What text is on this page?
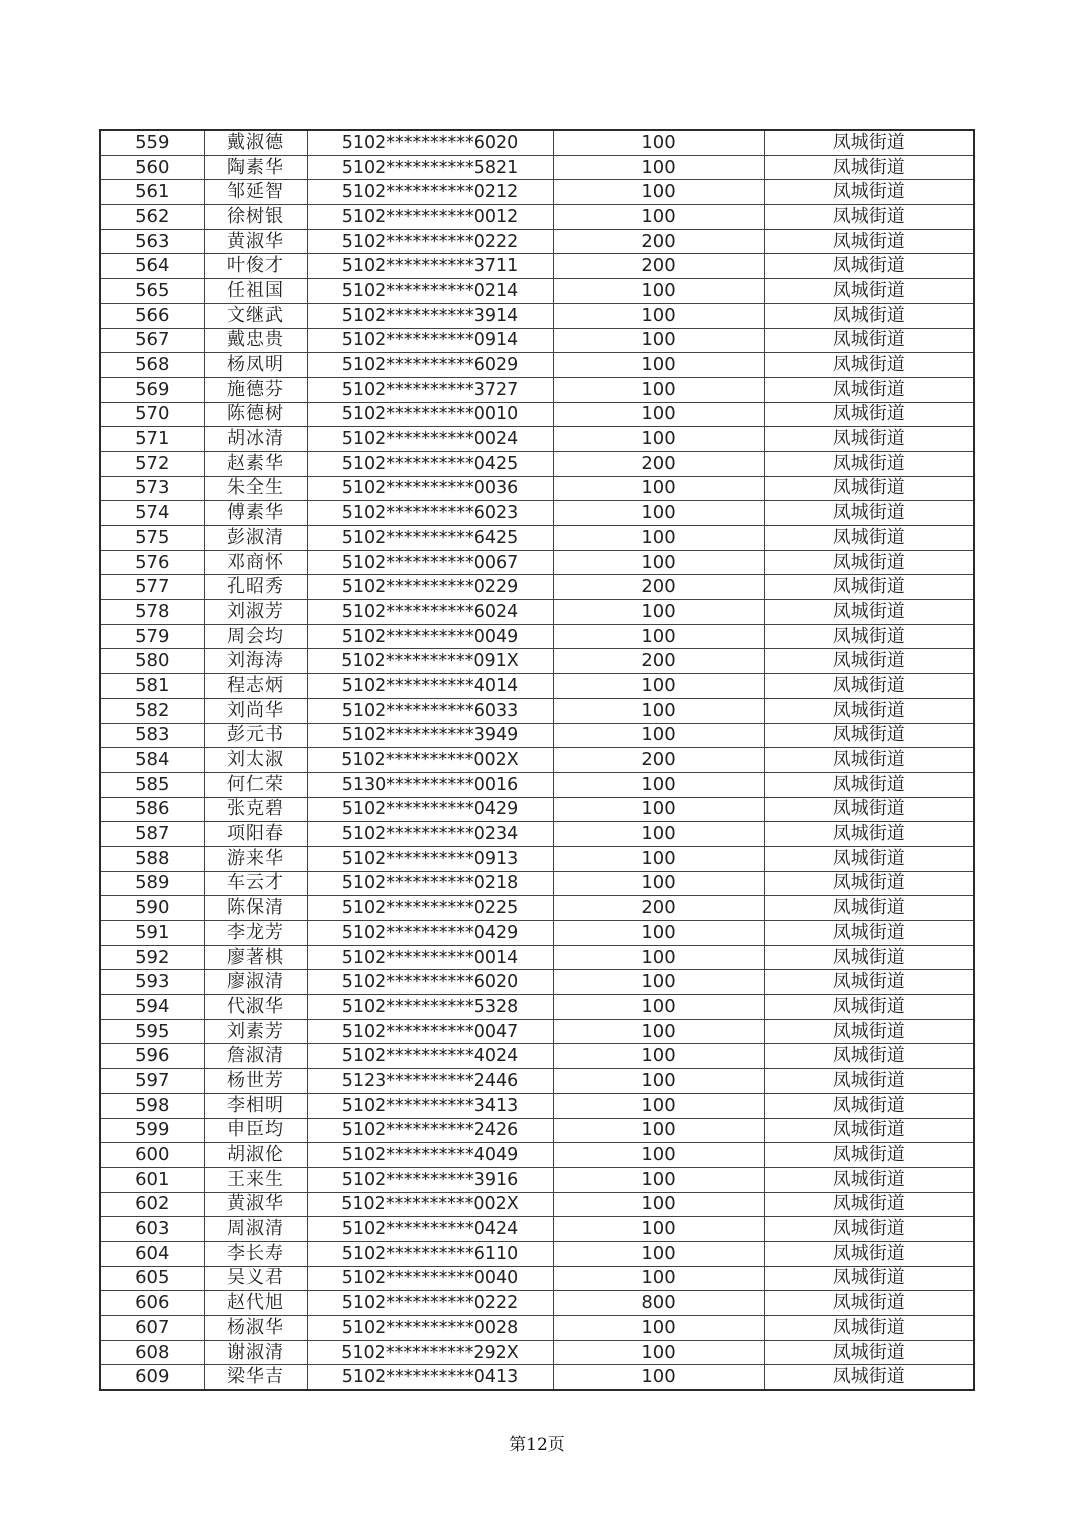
559	戴淑德	5102**********6020	100	凤城街道
560	陶素华	5102**********5821	100	凤城街道
561	邹延智	5102**********0212	100	凤城街道
562	徐树银	5102**********0012	100	凤城街道
563	黄淑华	5102**********0222	200	凤城街道
564	叶俊才	5102**********3711	200	凤城街道
565	任祖国	5102**********0214	100	凤城街道
566	文继武	5102**********3914	100	凤城街道
567	戴忠贵	5102**********0914	100	凤城街道
568	杨凤明	5102**********6029	100	凤城街道
569	施德芬	5102**********3727	100	凤城街道
570	陈德树	5102**********0010	100	凤城街道
571	胡冰清	5102**********0024	100	凤城街道
572	赵素华	5102**********0425	200	凤城街道
573	朱全生	5102**********0036	100	凤城街道
574	傅素华	5102**********6023	100	凤城街道
575	彭淑清	5102**********6425	100	凤城街道
576	邓商怀	5102**********0067	100	凤城街道
577	孔昭秀	5102**********0229	200	凤城街道
578	刘淑芳	5102**********6024	100	凤城街道
579	周会均	5102**********0049	100	凤城街道
580	刘海涛	5102**********091X	200	凤城街道
581	程志炳	5102**********4014	100	凤城街道
582	刘尚华	5102**********6033	100	凤城街道
583	彭元书	5102**********3949	100	凤城街道
584	刘太淑	5102**********002X	200	凤城街道
585	何仁荣	5130**********0016	100	凤城街道
586	张克碧	5102**********0429	100	凤城街道
587	项阳春	5102**********0234	100	凤城街道
588	游来华	5102**********0913	100	凤城街道
589	车云才	5102**********0218	100	凤城街道
590	陈保清	5102**********0225	200	凤城街道
591	李龙芳	5102**********0429	100	凤城街道
592	廖著棋	5102**********0014	100	凤城街道
593	廖淑清	5102**********6020	100	凤城街道
594	代淑华	5102**********5328	100	凤城街道
595	刘素芳	5102**********0047	100	凤城街道
596	詹淑清	5102**********4024	100	凤城街道
597	杨世芳	5123**********2446	100	凤城街道
598	李相明	5102**********3413	100	凤城街道
599	申臣均	5102**********2426	100	凤城街道
600	胡淑伦	5102**********4049	100	凤城街道
601	王来生	5102**********3916	100	凤城街道
602	黄淑华	5102**********002X	100	凤城街道
603	周淑清	5102**********0424	100	凤城街道
604	李长寿	5102**********6110	100	凤城街道
605	吴义君	5102**********0040	100	凤城街道
606	赵代旭	5102**********0222	800	凤城街道
607	杨淑华	5102**********0028	100	凤城街道
608	谢淑清	5102**********292X	100	凤城街道
609	梁华吉	5102**********0413	100	凤城街道
第12页
